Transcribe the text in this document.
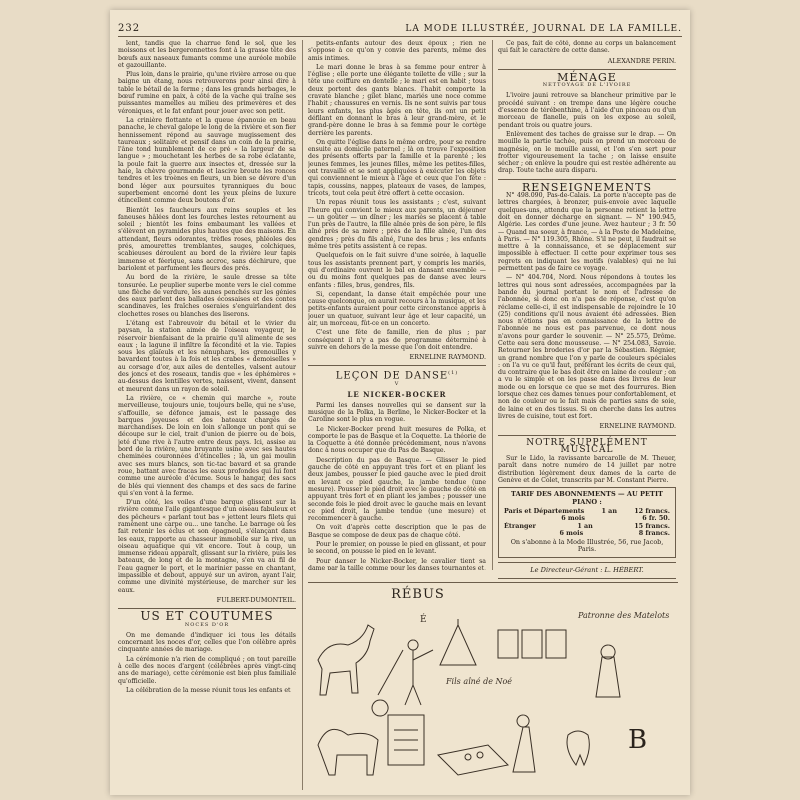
232	LA MODE ILLUSTRÉE, JOURNAL DE LA FAMILLE.

lent, tandis que la charrue fend le sol, que les moissons et les bergeronnettes font à la grasse tête des bœufs aux naseaux fumants comme une auréole mobile et gazouillante.

Plus loin, dans le prairie, qu'une rivière arrose ou que baigne un étang, nous retrouverons pour ainsi dire à table le bétail de la ferme ; dans les grands herbages, le bœuf rumine en paix, à côté de la vache qui traîne ses puissantes mamelles au milieu des primevères et des véroniques, et le fat enfant pour jouer avec son petit.

La crinière flottante et la queue épanouie en beau panache, le cheval galope le long de la rivière et son fier hennissement répond au sauvage mugissement des taureaux ; solitaire et pensif dans un coin de la prairie, l'âne tond humblement de ce pré « la largeur de sa langue » ; mouchetant les herbes de sa robe éclatante, la poule fait la guerre aux insectes et, dressée sur la haie, la chèvre gourmande et lascive broute les ronces tendres et les troènes en fleurs, un bien se dévore d'un bond léger aux poursuites tyranniques du bouc superbement encorné dont les yeux pleins de luxure étincellent comme deux boutons d'or.

Bientôt les faucheurs aux reins souples et les faneuses hâlées dont les fourches lestes retournent au soleil ; bientôt les foins embaumant les vallées et s'élèvent en pyramides plus hautes que des maisons. En attendant, fleurs odorantes, trèfles roses, phléoles des prés, amourettes tremblantes, sauges, colchiques, scabieuses déroulent au bord de la rivière leur tapis immense et féerique, sans accroc, sans déchirure, que bariolent et parfument les fleurs des prés.

Au bord de la rivière, le saule dresse sa tête tonsurée. Le peuplier superbe monte vers le ciel comme une flèche de verdure, les aunes penchés sur les génies des eaux parlent des ballades écossaises et des contes scandinaves, les fraîches oseraies s'enguirlandent des clochettes roses ou blanches des liserons.

L'étang est l'abreuvoir du bétail et le vivier du paysan, la station aimée de l'oiseau voyageur, le réservoir bienfaisant de la prairie qu'il alimente de ses eaux ; la lagune il infiltre la fécondité et la vie. Tapies sous les glaïeuls et les nénuphars, les grenouilles y bavardent toutes à la fois et les crabes « demoiselles » au corsage d'or, aux ailes de dentelles, valsent autour des joncs et des roseaux, tandis que « les éphémères » au-dessus des lentilles vertes, naissent, vivent, dansent et meurent dans un rayon de soleil.

La rivière, ce « chemin qui marche », route merveilleuse, toujours unie, toujours belle, qui ne s'use, s'affouille, se défonce jamais, est le passage des barques joyeuses et des bateaux chargés de marchandises. De loin en loin s'allonge un pont qui se découpe sur le ciel, trait d'union de pierre ou de bois, jeté d'une rive à l'autre entre deux pays. Ici, assise au bord de la rivière, une bruyante usine avec ses hautes cheminées couronnées d'étincelles ; là, un gai moulin avec ses murs blancs, son tic-tac bavard et sa grande roue, battant avec fracas les eaux profondes qui lui font comme une auréole d'écume. Sous le hangar, des sacs de blés qui viennent des champs et des sacs de farine qui s'en vont à la ferme.

D'un côté, les voiles d'une barque glissent sur la rivière comme l'aile gigantesque d'un oiseau fabuleux et des pêcheurs « parlant tout bas » jettent leurs filets qui ramènent une carpe ou... une tanche. Le barrage où les fait retenir les éclus et son épagneul, s'élançant dans les eaux, rapporte au chasseur immobile sur la rive, un oiseau aquatique qui vit encore. Tout à coup, un immense rideau apparaît, glissant sur la rivière, puis les bateaux, de long et de la montagne, s'en va au fil de l'eau gagner le port, et le marinier passe en chantant, impassible et debout, appuyé sur un aviron, ayant l'air, comme une divinité mystérieuse, de marcher sur les eaux.

FULBERT-DUMONTEIL.
US ET COUTUMES
NOCES D'OR

On me demande d'indiquer ici tous les détails concernant les noces d'or, celles que l'on célèbre après cinquante années de mariage.

La cérémonie n'a rien de compliqué ; on tout pareille à celle des noces d'argent (célébrées après vingt-cinq ans de mariage), cette cérémonie est bien plus familiale qu'officielle.

La célébration de la messe réunit tous les enfants et

petits-enfants autour des deux époux ; rien ne s'oppose à ce qu'on y convie des parents, même des amis intimes.

Le mari donne le bras à sa femme pour entrer à l'église ; elle porte une élégante toilette de ville ; sur la tête une coiffure en dentelle ; le mari est en habit ; tous deux portent des gants blancs. l'habit comporte la cravate blanche ; gilet blanc, mariés une noce comme l'habit ; chaussures en vernis. Ils ne sont suivis par tous leurs enfants, les plus âgés en tête, ils ont un petit défilant en donnant le bras à leur grand-mère, et le grand-père donne le bras à sa femme pour le cortège derrière les parents.

On quitte l'église dans le même ordre, pour se rendre ensuite au domicile paternel ; là on trouve l'exposition des présents offerts par la famille et la parenté ; les jeunes femmes, les jeunes filles, même les petites-filles, ont travaillé et se sont appliquées à exécuter les objets qui conviennent le mieux à l'âge et ceux que l'on fête : tapis, coussins, nappes, plateaux de vases, de lampes, tricots, tout cela peut être offert à cette occasion.

Un repas réunit tous les assistants ; c'est, suivant l'heure qui convient le mieux aux parents, un déjeuner — un goûter — un dîner ; les mariés se placent à table l'un près de l'autre, la fille aînée près de son père, le fils aîné près de sa mère ; près de la fille aînée, l'un des gendres ; près du fils aîné, l'une des brus ; les enfants même très petits assistent à ce repas.

Quelquefois on le fait suivre d'une soirée, à laquelle tous les assistants prennent part, y compris les mariés, qui d'ordinaire ouvrent le bal en dansant ensemble — ou du moins font quelques pas de danse avec leurs enfants : filles, brus, gendres, fils.

Si, cependant, la danse était empêchée pour une cause quelconque, on aurait recours à la musique, et les petits-enfants auraient pour cette circonstance appris à jouer un quatuor, suivant leur âge et leur capacité, un air, un morceau, fût-ce en un concerto.

C'est une fête de famille, rien de plus ; par conséquent il n'y a pas de programme déterminé à suivre en dehors de la messe que l'on doit entendre.

ERNELINE RAYMOND.
LEÇON DE DANSE$^{(1)}$
V
LE NICKER-BOCKER

Parmi les danses nouvelles qui se dansent sur la musique de la Polka, la Berline, le Nicker-Bocker et la Caroline sont le plus en vogue.

Le Nicker-Bocker prend huit mesures de Polka, et comporte le pas de Basque et la Coquette. La théorie de la Coquette a été donnée précédemment, nous n'avons donc à nous occuper que du Pas de Basque.

Description du pas de Basque. — Glisser le pied gauche de côté en appuyant très fort et en pliant les deux jambes, pousser le pied gauche avec le pied droit en levant ce pied gauche, la jambe tendue (une mesure). Pousser le pied droit avec le gauche de côté en appuyant très fort et en pliant les jambes ; pousser une seconde fois le pied droit avec le gauche mais en levant ce pied droit, la jambe tendue (une mesure) et recommencer à gauche.

On voit d'après cette description que le pas de Basque se compose de deux pas de chaque côté.

Pour le premier, on pousse le pied en glissant, et pour le second, on pousse le pied en le levant.

Pour danser le Nicker-Bocker, le cavalier tient sa dame par la taille comme pour les danses tournantes et,

Ce pas, fait de côté, donne au corps un balancement qui fait le caractère de cette danse.

ALEXANDRE PERIN.
MÉNAGE
NETTOYAGE DE L'IVOIRE

L'ivoire jauni retrouve sa blancheur primitive par le procédé suivant : on trempe dans une légère couche d'essence de térébenthine, à l'aide d'un pinceau ou d'un morceau de flanelle, puis on les expose au soleil, pendant trois ou quatre jours.

Enlèvement des taches de graisse sur le drap. — On mouille la partie tachée, puis on prend un morceau de magnésie, on le mouille aussi, et l'on s'en sert pour frotter vigoureusement la tache ; on laisse ensuite sécher ; on enlève la poudre qui est restée adhérente au drap. Toute tache aura disparu.

RENSEIGNEMENTS

N° 498.090, Pas-de-Calais. La porte n'accepte pas de lettres chargées, à bronzer, puis-envoie avec laquelle quelques-uns, attendu que la personne retient la lettre doit en donner décharge en signant. — N° 190.945, Algérie. Les cordes d'une jeune. Avez hauteur ; 3 fr. 50 — Quand ma soeur, à france, — à la Poste de Madeleine, à Paris. — N° 119.305, Rhône. S'il ne peut, il faudrait se mettre à la connaissance, et se déplacement sur impossible à effectuer. Il cette pour exprimer tous ses regrets en indiquant les motifs (valables) qui ne lui permettent pas de faire ce voyage.

— N° 404.704, Nord. Nous répondons à toutes les lettres qui nous sont adressées, accompagnées par la bande du journal portant le nom et l'adresse de l'abonnée, si donc on n'a pas de réponse, c'est qu'on réclame celle-ci, il est indispensable de rejoindre le 10 (25) conditions qu'il nous avaient été adressées. Bien nous n'étions pas en connaissance de la lettre de l'abonnée ne nous est pas parvenue, ce dont nous n'avons pour garder le souvenir. — N° 25.575, Drôme. Cette eau sera donc mousseuse. — N° 254.083, Savoie. Retourner les broderies d'or par la Sébastien. Régnier, un grand nombre que l'on y parle de couleurs spéciales : on l'a vu ce qu'il faut, préférant les écrits de ceux qui, du contraire que le bas doit être en laine de couleur ; on a vu le simple et on les passe dans des livres de leur mode ou en lorsque ce que se met des fourrures. Bien lorsque chez ces dames tenues pour confortablement, et non de couleur ou le fait mais de parties sans de soie, de laine et en des tissus. Si on cherche dans les autres livres de cuisine, tout est fort.

ERNELINE RAYMOND.
NOTRE SUPPLÉMENT MUSICAL

Sur le Lido, la ravissante barcarolle de M. Theuer, paraît dans notre numéro de 14 juillet par notre distribution légèrement deux dames de la carte de Genève et de Colet, transcrits par M. Constant Pierre.

TARIF DES ABONNEMENTS — AU PETIT PIANO :
Paris et Départements	1 an	12 francs.
6 mois	6 fr. 50.
Étranger	1 an	15 francs.
6 mois	8 francs.
On s'abonne à la Mode Illustrée, 56, rue Jacob, Paris.
Le Directeur-Gérant : L. HÉBERT.
RÉBUS
Patronne des Matelots
Fils aîné de Noé
É
B
